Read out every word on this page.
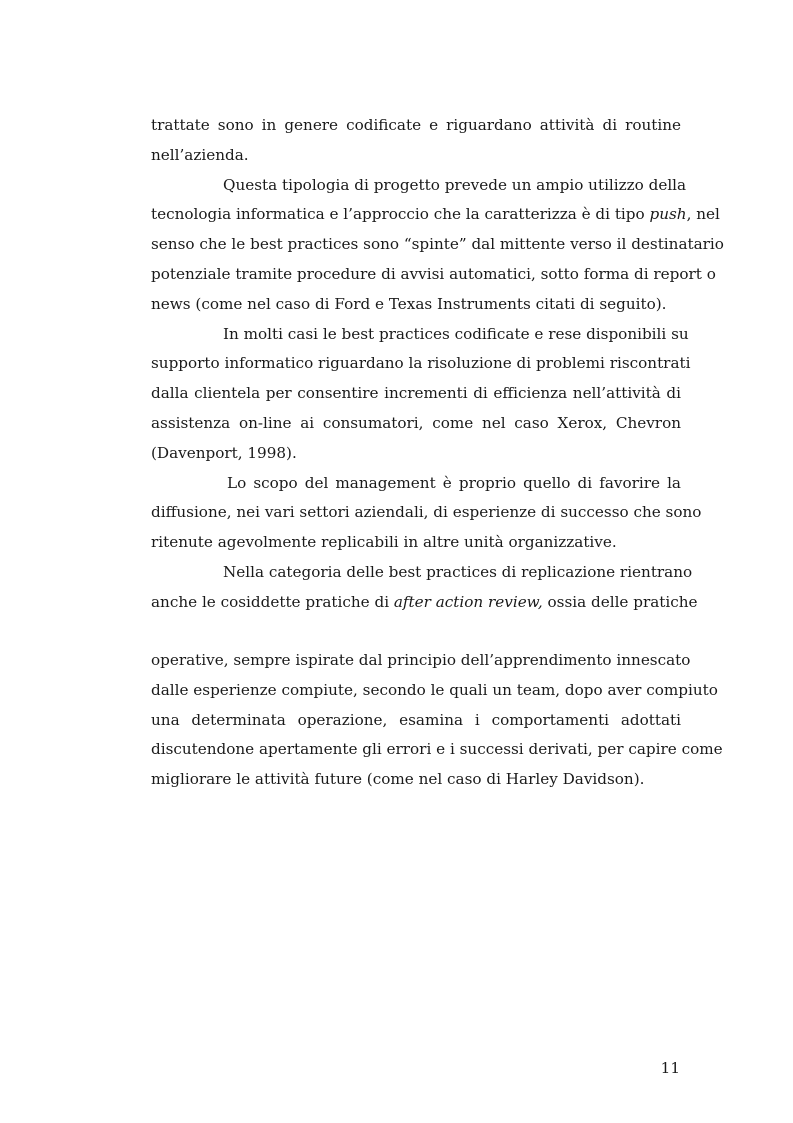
trattate sono in genere codificate e riguardano attività di routine
nell’azienda.
Questa tipologia di progetto prevede un ampio utilizzo della
tecnologia informatica e l’approccio che la caratterizza è di tipo push, nel
senso che le best practices sono “spinte” dal mittente verso il destinatario
potenziale tramite procedure di avvisi automatici, sotto forma di report o
news (come nel caso di Ford e Texas Instruments citati di seguito).
In molti casi le best practices codificate e rese disponibili su
supporto informatico riguardano la risoluzione di problemi riscontrati
dalla clientela per consentire incrementi di efficienza nell’attività di
assistenza on-line ai consumatori, come nel caso Xerox, Chevron
(Davenport, 1998).
Lo scopo del management è proprio quello di favorire la
diffusione, nei vari settori aziendali, di esperienze di successo che sono
ritenute agevolmente replicabili in altre unità organizzative.
Nella categoria delle best practices di replicazione rientrano
anche le cosiddette pratiche di after action review, ossia delle pratiche
operative, sempre ispirate dal principio dell’apprendimento innescato
dalle esperienze compiute, secondo le quali un team, dopo aver compiuto
una determinata operazione, esamina i comportamenti adottati
discutendone apertamente gli errori e i successi derivati, per capire come
migliorare le attività future (come nel caso di Harley Davidson).
11
